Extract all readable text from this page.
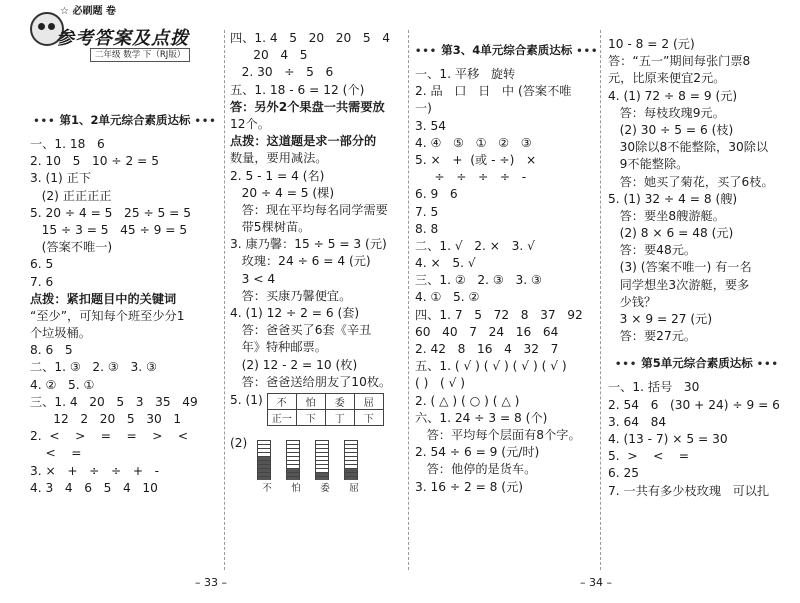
☆ 必刷题 卷
参考答案及点拨
二年级 数学 下（RJ版）
••• 第1、2单元综合素质达标 •••
一、1. 18   6
2. 10   5   10 ÷ 2 = 5
3. (1) 正下
(2) 正正正正
5. 20 ÷ 4 = 5   25 ÷ 5 = 5
15 ÷ 3 = 5   45 ÷ 9 = 5
(答案不唯一)
6. 5
7. 6
点拨：紧扣题目中的关键词
“至少”，可知每个班至少分1
个垃圾桶。
8. 6   5
二、1. ③   2. ③   3. ③
4. ②   5. ①
三、1. 4   20   5   3   35   49
12   2   20   5   30   1
2.  <    >    =    =    >    <
<    =
3. ×   +   ÷   ÷   +   -
4. 3   4   6   5   4   10
四、1. 4   5   20   20   5   4
20   4   5
2. 30   ÷   5   6
五、1. 18 - 6 = 12 (个)
答：另外2个果盘一共需要放
12个。
点拨：这道题是求一部分的
数量，要用减法。
2. 5 - 1 = 4 (名)
20 ÷ 4 = 5 (棵)
答：现在平均每名同学需要
带5棵树苗。
3. 康乃馨：15 ÷ 5 = 3 (元)
玫瑰：24 ÷ 6 = 4 (元)
3 < 4
答：买康乃馨便宜。
4. (1) 12 ÷ 2 = 6 (套)
答：爸爸买了6套《辛丑
年》特种邮票。
(2) 12 - 2 = 10 (枚)
答：爸爸送给朋友了10枚。
5. (1) 不	怕	委	屈
正一	下	丁	下
(2)
不 怕 委 屈
••• 第3、4单元综合素质达标 •••
一、1. 平移   旋转
2. 品   口   日   中 (答案不唯
一)
3. 54
4. ④   ⑤   ①   ②   ③
5. ×   +  (或 - ÷)   ×
÷   ÷   ÷   ÷   -
6. 9   6
7. 5
8. 8
二、1. √   2. ×   3. √
4. ×   5. √
三、1. ②   2. ③   3. ③
4. ①   5. ②
四、1. 7   5   72   8   37   92
60   40   7   24   16   64
2. 42   8   16   4   32   7
五、1. ( √ ) ( √ ) ( √ ) ( √ )
( )   ( √ )
2. ( △ ) ( ○ ) ( △ )
六、1. 24 ÷ 3 = 8 (个)
答：平均每个层面有8个字。
2. 54 ÷ 6 = 9 (元/时)
答：他停的是货车。
3. 16 ÷ 2 = 8 (元)
10 - 8 = 2 (元)
答：“五一”期间每张门票8
元，比原来便宜2元。
4. (1) 72 ÷ 8 = 9 (元)
答：每枝玫瑰9元。
(2) 30 ÷ 5 = 6 (枝)
30除以8不能整除，30除以
9不能整除。
答：她买了菊花，买了6枝。
5. (1) 32 ÷ 4 = 8 (艘)
答：要坐8艘游艇。
(2) 8 × 6 = 48 (元)
答：要48元。
(3) (答案不唯一) 有一名
同学想坐3次游艇，要多
少钱？
3 × 9 = 27 (元)
答：要27元。
••• 第5单元综合素质达标 •••
一、1. 括号   30
2. 54   6   (30 + 24) ÷ 9 = 6
3. 64   84
4. (13 - 7) × 5 = 30
5.  >    <    =
6. 25
7. 一共有多少枝玫瑰   可以扎
– 33 –	– 34 –
